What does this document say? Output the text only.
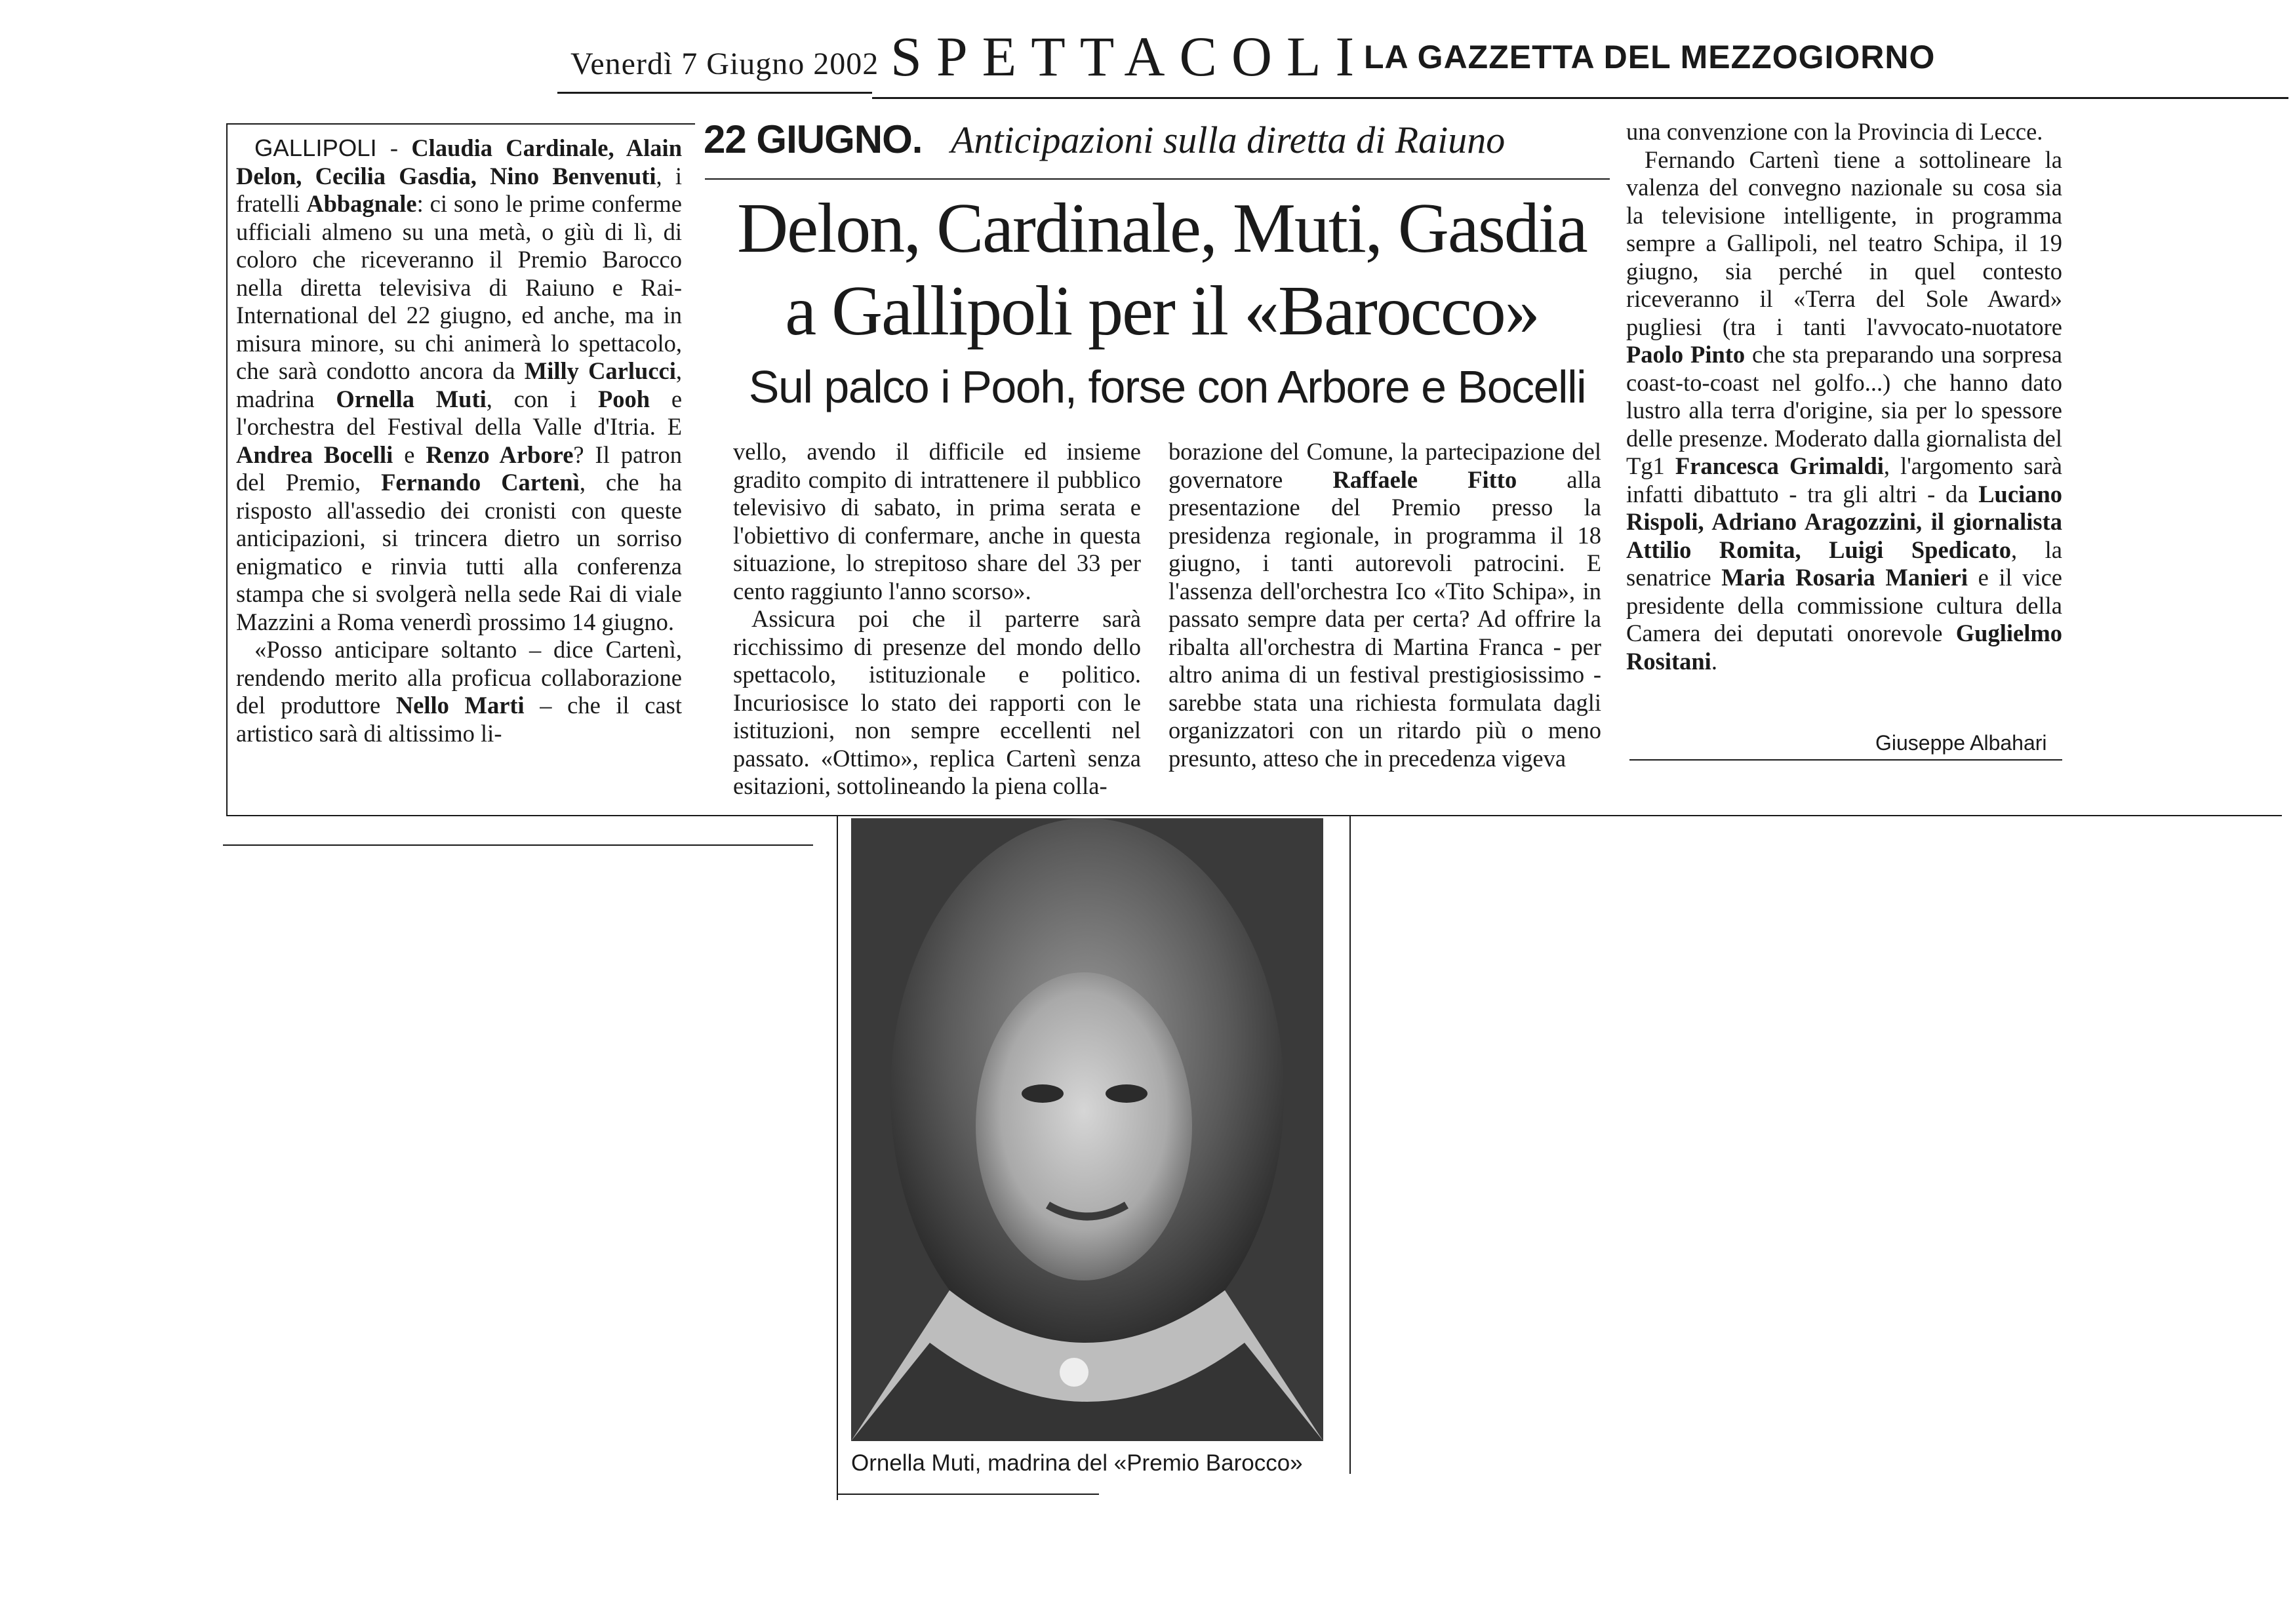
Venerdì 7 Giugno 2002 SPETTACOLI
LA GAZZETTA DEL MEZZOGIORNO

GALLIPOLI - Claudia Cardinale, Alain Delon, Cecilia Gasdia, Nino Benvenuti, i fratelli Abbagnale: ci sono le prime conferme ufficiali almeno su una metà, o giù di lì, di coloro che riceveranno il Premio Barocco nella diretta televisiva di Raiuno e Rai-International del 22 giugno, ed anche, ma in misura minore, su chi animerà lo spettacolo, che sarà condotto ancora da Milly Carlucci, madrina Ornella Muti, con i Pooh e l'orchestra del Festival della Valle d'Itria. E Andrea Bocelli e Renzo Arbore? Il patron del Premio, Fernando Cartenì, che ha risposto all'assedio dei cronisti con queste anticipazioni, si trincera dietro un sorriso enigmatico e rinvia tutti alla conferenza stampa che si svolgerà nella sede Rai di viale Mazzini a Roma venerdì prossimo 14 giugno.

«Posso anticipare soltanto – dice Cartenì, rendendo merito alla proficua collaborazione del produttore Nello Marti – che il cast artistico sarà di altissimo li-

22 GIUGNO. Anticipazioni sulla diretta di Raiuno
Delon, Cardinale, Muti, Gasdia
a Gallipoli per il «Barocco»
Sul palco i Pooh, forse con Arbore e Bocelli

vello, avendo il difficile ed insieme gradito compito di intrattenere il pubblico televisivo di sabato, in prima serata e l'obiettivo di confermare, anche in questa situazione, lo strepitoso share del 33 per cento raggiunto l'anno scorso».

Assicura poi che il parterre sarà ricchissimo di presenze del mondo dello spettacolo, istituzionale e politico. Incuriosisce lo stato dei rapporti con le istituzioni, non sempre eccellenti nel passato. «Ottimo», replica Cartenì senza esitazioni, sottolineando la piena colla-

borazione del Comune, la partecipazione del governatore Raffaele Fitto alla presentazione del Premio presso la presidenza regionale, in programma il 18 giugno, i tanti autorevoli patrocini. E l'assenza dell'orchestra Ico «Tito Schipa», in passato sempre data per certa? Ad offrire la ribalta all'orchestra di Martina Franca - per altro anima di un festival prestigiosissimo - sarebbe stata una richiesta formulata dagli organizzatori con un ritardo più o meno presunto, atteso che in precedenza vigeva

una convenzione con la Provincia di Lecce.

Fernando Cartenì tiene a sottolineare la valenza del convegno nazionale su cosa sia la televisione intelligente, in programma sempre a Gallipoli, nel teatro Schipa, il 19 giugno, sia perché in quel contesto riceveranno il «Terra del Sole Award» pugliesi (tra i tanti l'avvocato-nuotatore Paolo Pinto che sta preparando una sorpresa coast-to-coast nel golfo...) che hanno dato lustro alla terra d'origine, sia per lo spessore delle presenze. Moderato dalla giornalista del Tg1 Francesca Grimaldi, l'argomento sarà infatti dibattuto - tra gli altri - da Luciano Rispoli, Adriano Aragozzini, il giornalista Attilio Romita, Luigi Spedicato, la senatrice Maria Rosaria Manieri e il vice presidente della commissione cultura della Camera dei deputati onorevole Guglielmo Rositani.

Giuseppe Albahari
Ornella Muti, madrina del «Premio Barocco»
